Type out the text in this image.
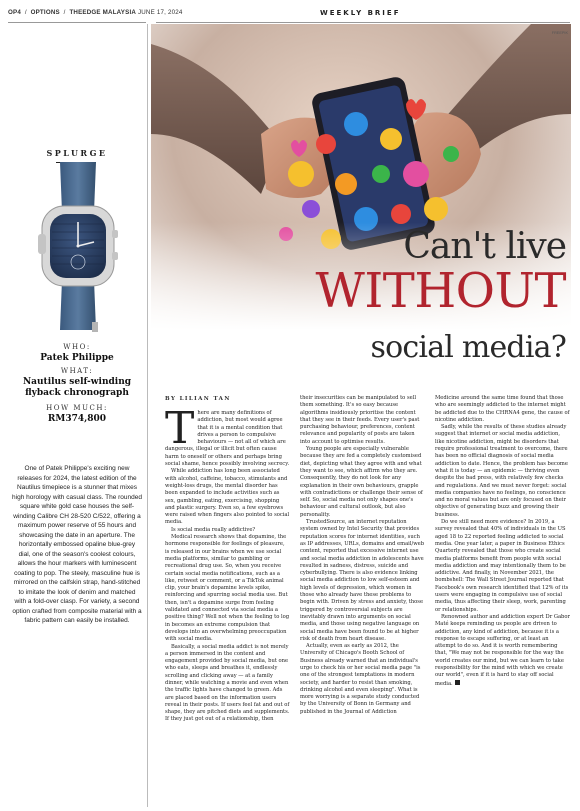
OP4  /  OPTIONS  /  THEEDGE MALAYSIA JUNE 17, 2024	WEEKLY BRIEF
FREEPIK
Can't live
WITHOUT
social media?
SPLURGE
WHO:
Patek Philippe
WHAT:
Nautilus self-winding flyback chronograph
HOW MUCH:
RM374,800
One of Patek Philippe's exciting new releases for 2024, the latest edition of the Nautilus timepiece is a stunner that mixes high horology with casual class. The rounded square white gold case houses the self-winding Calibre CH 28-520 C/522, offering a maximum power reserve of 55 hours and showcasing the date in an aperture. The horizontally embossed opaline blue-grey dial, one of the season's coolest colours, allows the hour markers with luminescent coating to pop. The steely, masculine hue is mirrored on the calfskin strap, hand-stitched to imitate the look of denim and matched with a fold-over clasp. For variety, a second option crafted from composite material with a fabric pattern can easily be installed.
BY LILIAN TAN

There are many definitions of addiction, but most would agree that it is a mental condition that drives a person to compulsive behaviours — not all of which are dangerous, illegal or illicit but often cause harm to oneself or others and perhaps bring social shame, hence possibly involving secrecy.

While addiction has long been associated with alcohol, caffeine, tobacco, stimulants and weight-loss drugs, the mental disorder has been expanded to include activities such as sex, gambling, eating, exercising, shopping and plastic surgery. Even so, a few eyebrows were raised when fingers also pointed to social media.

Is social media really addictive?

Medical research shows that dopamine, the hormone responsible for feelings of pleasure, is released in our brains when we use social media platforms, similar to gambling or recreational drug use. So, when you receive certain social media notifications, such as a like, retweet or comment, or a TikTok animal clip, your brain's dopamine levels spike, reinforcing and spurring social media use. But then, isn't a dopamine surge from feeling validated and connected via social media a positive thing? Well not when the feeling to log in becomes an extreme compulsion that develops into an overwhelming preoccupation with social media.

Basically, a social media addict is not merely a person immersed in the content and engagement provided by social media, but one who eats, sleeps and breathes it, endlessly scrolling and clicking away — at a family dinner, while watching a movie and even when the traffic lights have changed to green. Ads are placed based on the information users reveal in their posts. If users feel fat and out of shape, they are pitched diets and supplements. If they just got out of a relationship, then

their insecurities can be manipulated to sell them something. It's so easy because algorithms insidiously prioritise the content that they see in their feeds. Every user's past purchasing behaviour, preferences, content relevance and popularity of posts are taken into account to optimise results.

Young people are especially vulnerable because they are fed a completely customised diet, depicting what they agree with and what they want to see, which affirm who they are. Consequently, they do not look for any explanation in their own behaviours, grapple with contradictions or challenge their sense of self. So, social media not only shapes one's behaviour and cultural outlook, but also personality.

TrustedSource, an internet reputation system owned by Intel Security that provides reputation scores for internet identities, such as IP addresses, URLs, domains and email/web content, reported that excessive internet use and social media addiction in adolescents have resulted in sadness, distress, suicide and cyberbullying. There is also evidence linking social media addiction to low self-esteem and high levels of depression, which women in those who already have these problems to begin with. Driven by stress and anxiety, those triggered by controversial subjects are inevitably drawn into arguments on social media, and those using negative language on social media have been found to be at higher risk of death from heart disease.

Actually, even as early as 2012, the University of Chicago's Booth School of Business already warned that an individual's urge to check his or her social media page "is one of the strongest temptations in modern society, and harder to resist than smoking, drinking alcohol and even sleeping". What is more worrying is a separate study conducted by the University of Bonn in Germany and published in the Journal of Addiction

Medicine around the same time found that those who are seemingly addicted to the internet might be addicted due to the CHRNA4 gene, the cause of nicotine addiction.

Sadly, while the results of these studies already suggest that internet or social media addiction, like nicotine addiction, might be disorders that require professional treatment to overcome, there has been no official diagnosis of social media addiction to date. Hence, the problem has become what it is today — an epidemic — thriving even despite the bad press, with relatively few checks and regulations. And we must never forget: social media companies have no feelings, no conscience and no moral values but are only focused on their objective of generating buzz and growing their business.

Do we still need more evidence? In 2019, a survey revealed that 40% of individuals in the US aged 18 to 22 reported feeling addicted to social media. One year later, a paper in Business Ethics Quarterly revealed that those who create social media platforms benefit from people with social media addiction and may intentionally them to be addictive. And finally, in November 2021, the bombshell: The Wall Street Journal reported that Facebook's own research identified that 12% of its users were engaging in compulsive use of social media, thus affecting their sleep, work, parenting or relationships.

Renowned author and addiction expert Dr Gabor Maté keeps reminding us people are driven to addiction, any kind of addiction, because it is a response to escape suffering, or at least an attempt to do so. And it is worth remembering that, "We may not be responsible for the way the world creates our mind, but we can learn to take responsibility for the mind with which we create our world", even if it is hard to stay off social media.
